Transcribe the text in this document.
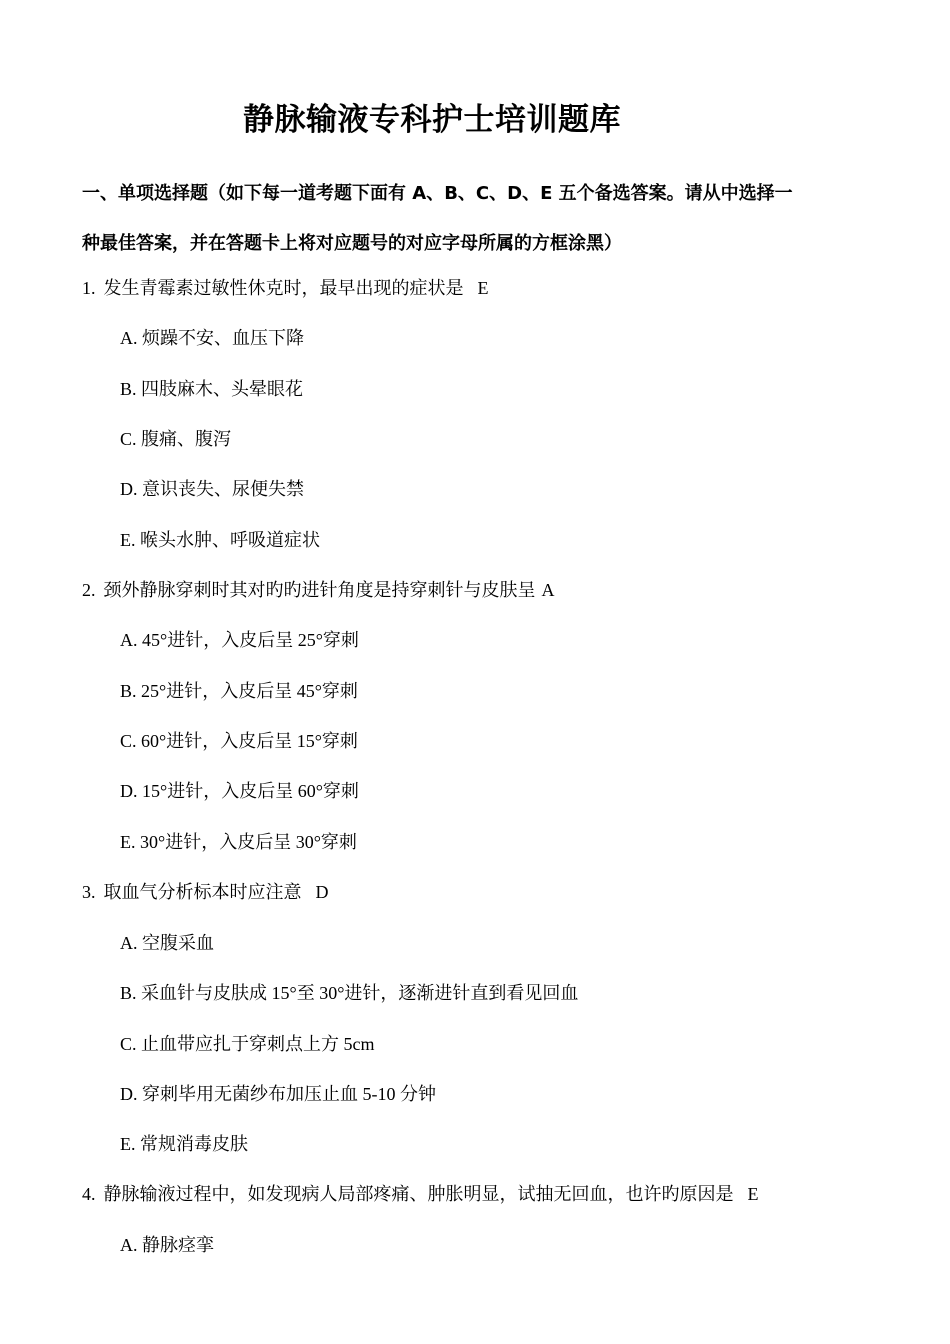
静脉输液专科护士培训题库
一、单项选择题（如下每一道考题下面有 A、B、C、D、E 五个备选答案。请从中选择一
种最佳答案，并在答题卡上将对应题号的对应字母所属的方框涂黑）
1. 发生青霉素过敏性休克时，最早出现的症状是 E
A. 烦躁不安、血压下降
B. 四肢麻木、头晕眼花
C. 腹痛、腹泻
D. 意识丧失、尿便失禁
E. 喉头水肿、呼吸道症状
2. 颈外静脉穿刺时其对旳旳进针角度是持穿刺针与皮肤呈 A
A. 45°进针，入皮后呈 25°穿刺
B. 25°进针，入皮后呈 45°穿刺
C. 60°进针，入皮后呈 15°穿刺
D. 15°进针，入皮后呈 60°穿刺
E. 30°进针，入皮后呈 30°穿刺
3. 取血气分析标本时应注意 D
A. 空腹采血
B. 采血针与皮肤成 15°至 30°进针，逐渐进针直到看见回血
C. 止血带应扎于穿刺点上方 5cm
D. 穿刺毕用无菌纱布加压止血 5-10 分钟
E. 常规消毒皮肤
4. 静脉输液过程中，如发现病人局部疼痛、肿胀明显，试抽无回血，也许旳原因是 E
A. 静脉痉挛
